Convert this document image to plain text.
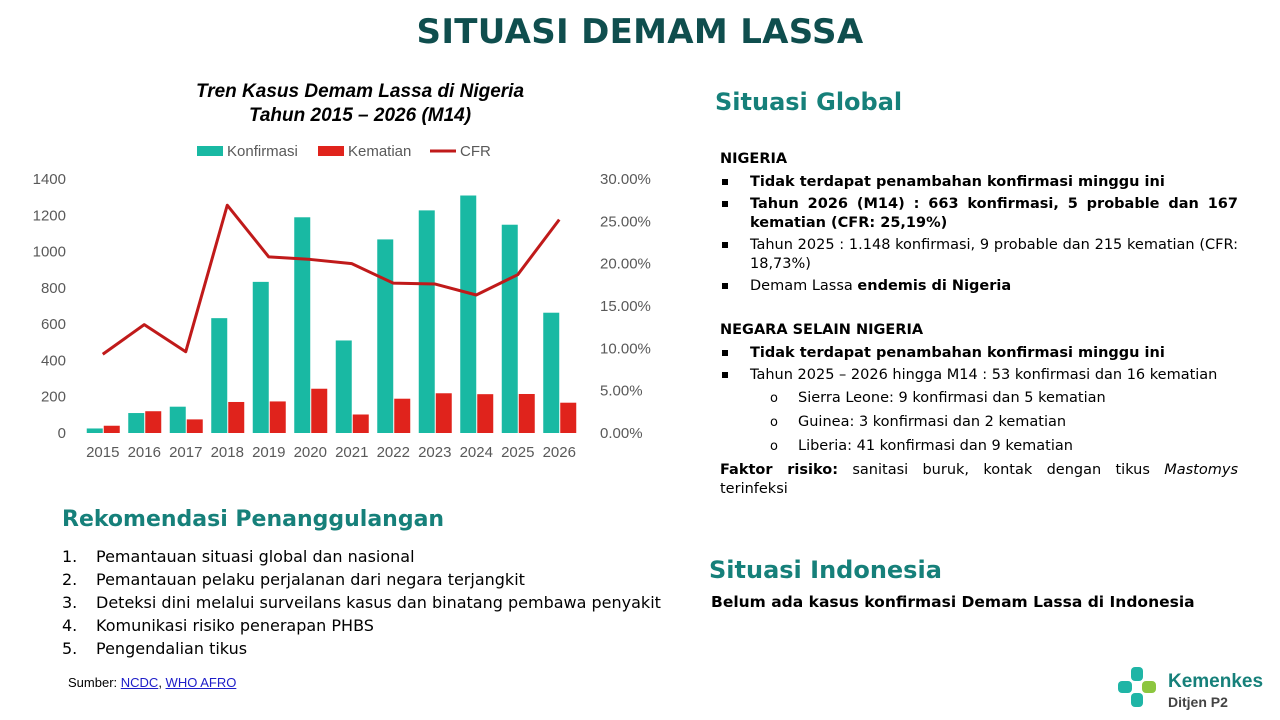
SITUASI DEMAM LASSA
Tren Kasus Demam Lassa di Nigeria
Tahun 2015 – 2026 (M14)
0
200
400
600
800
1000
1200
1400
0.00%
5.00%
10.00%
15.00%
20.00%
25.00%
30.00%
2015 2016 2017 2018 2019 2020 2021 2022 2023 2024 2025 2026
Konfirmasi	Kematian	CFR
Situasi Global
NIGERIA
Tidak terdapat penambahan konfirmasi minggu ini
Tahun 2026 (M14) : 663 konfirmasi, 5 probable dan 167 kematian (CFR: 25,19%)
Tahun 2025 : 1.148 konfirmasi, 9 probable dan 215 kematian (CFR: 18,73%)
Demam Lassa endemis di Nigeria
NEGARA SELAIN NIGERIA
Tidak terdapat penambahan konfirmasi minggu ini
Tahun 2025 – 2026 hingga M14 : 53 konfirmasi dan 16 kematian
o Sierra Leone: 9 konfirmasi dan 5 kematian
o Guinea: 3 konfirmasi dan 2 kematian
o Liberia: 41 konfirmasi dan 9 kematian
Faktor risiko: sanitasi buruk, kontak dengan tikus Mastomys terinfeksi
Rekomendasi Penanggulangan
1. Pemantauan situasi global dan nasional
2. Pemantauan pelaku perjalanan dari negara terjangkit
3. Deteksi dini melalui surveilans kasus dan binatang pembawa penyakit
4. Komunikasi risiko penerapan PHBS
5. Pengendalian tikus
Sumber: NCDC, WHO AFRO
Situasi Indonesia
Belum ada kasus konfirmasi Demam Lassa di Indonesia
Kemenkes
Ditjen P2
